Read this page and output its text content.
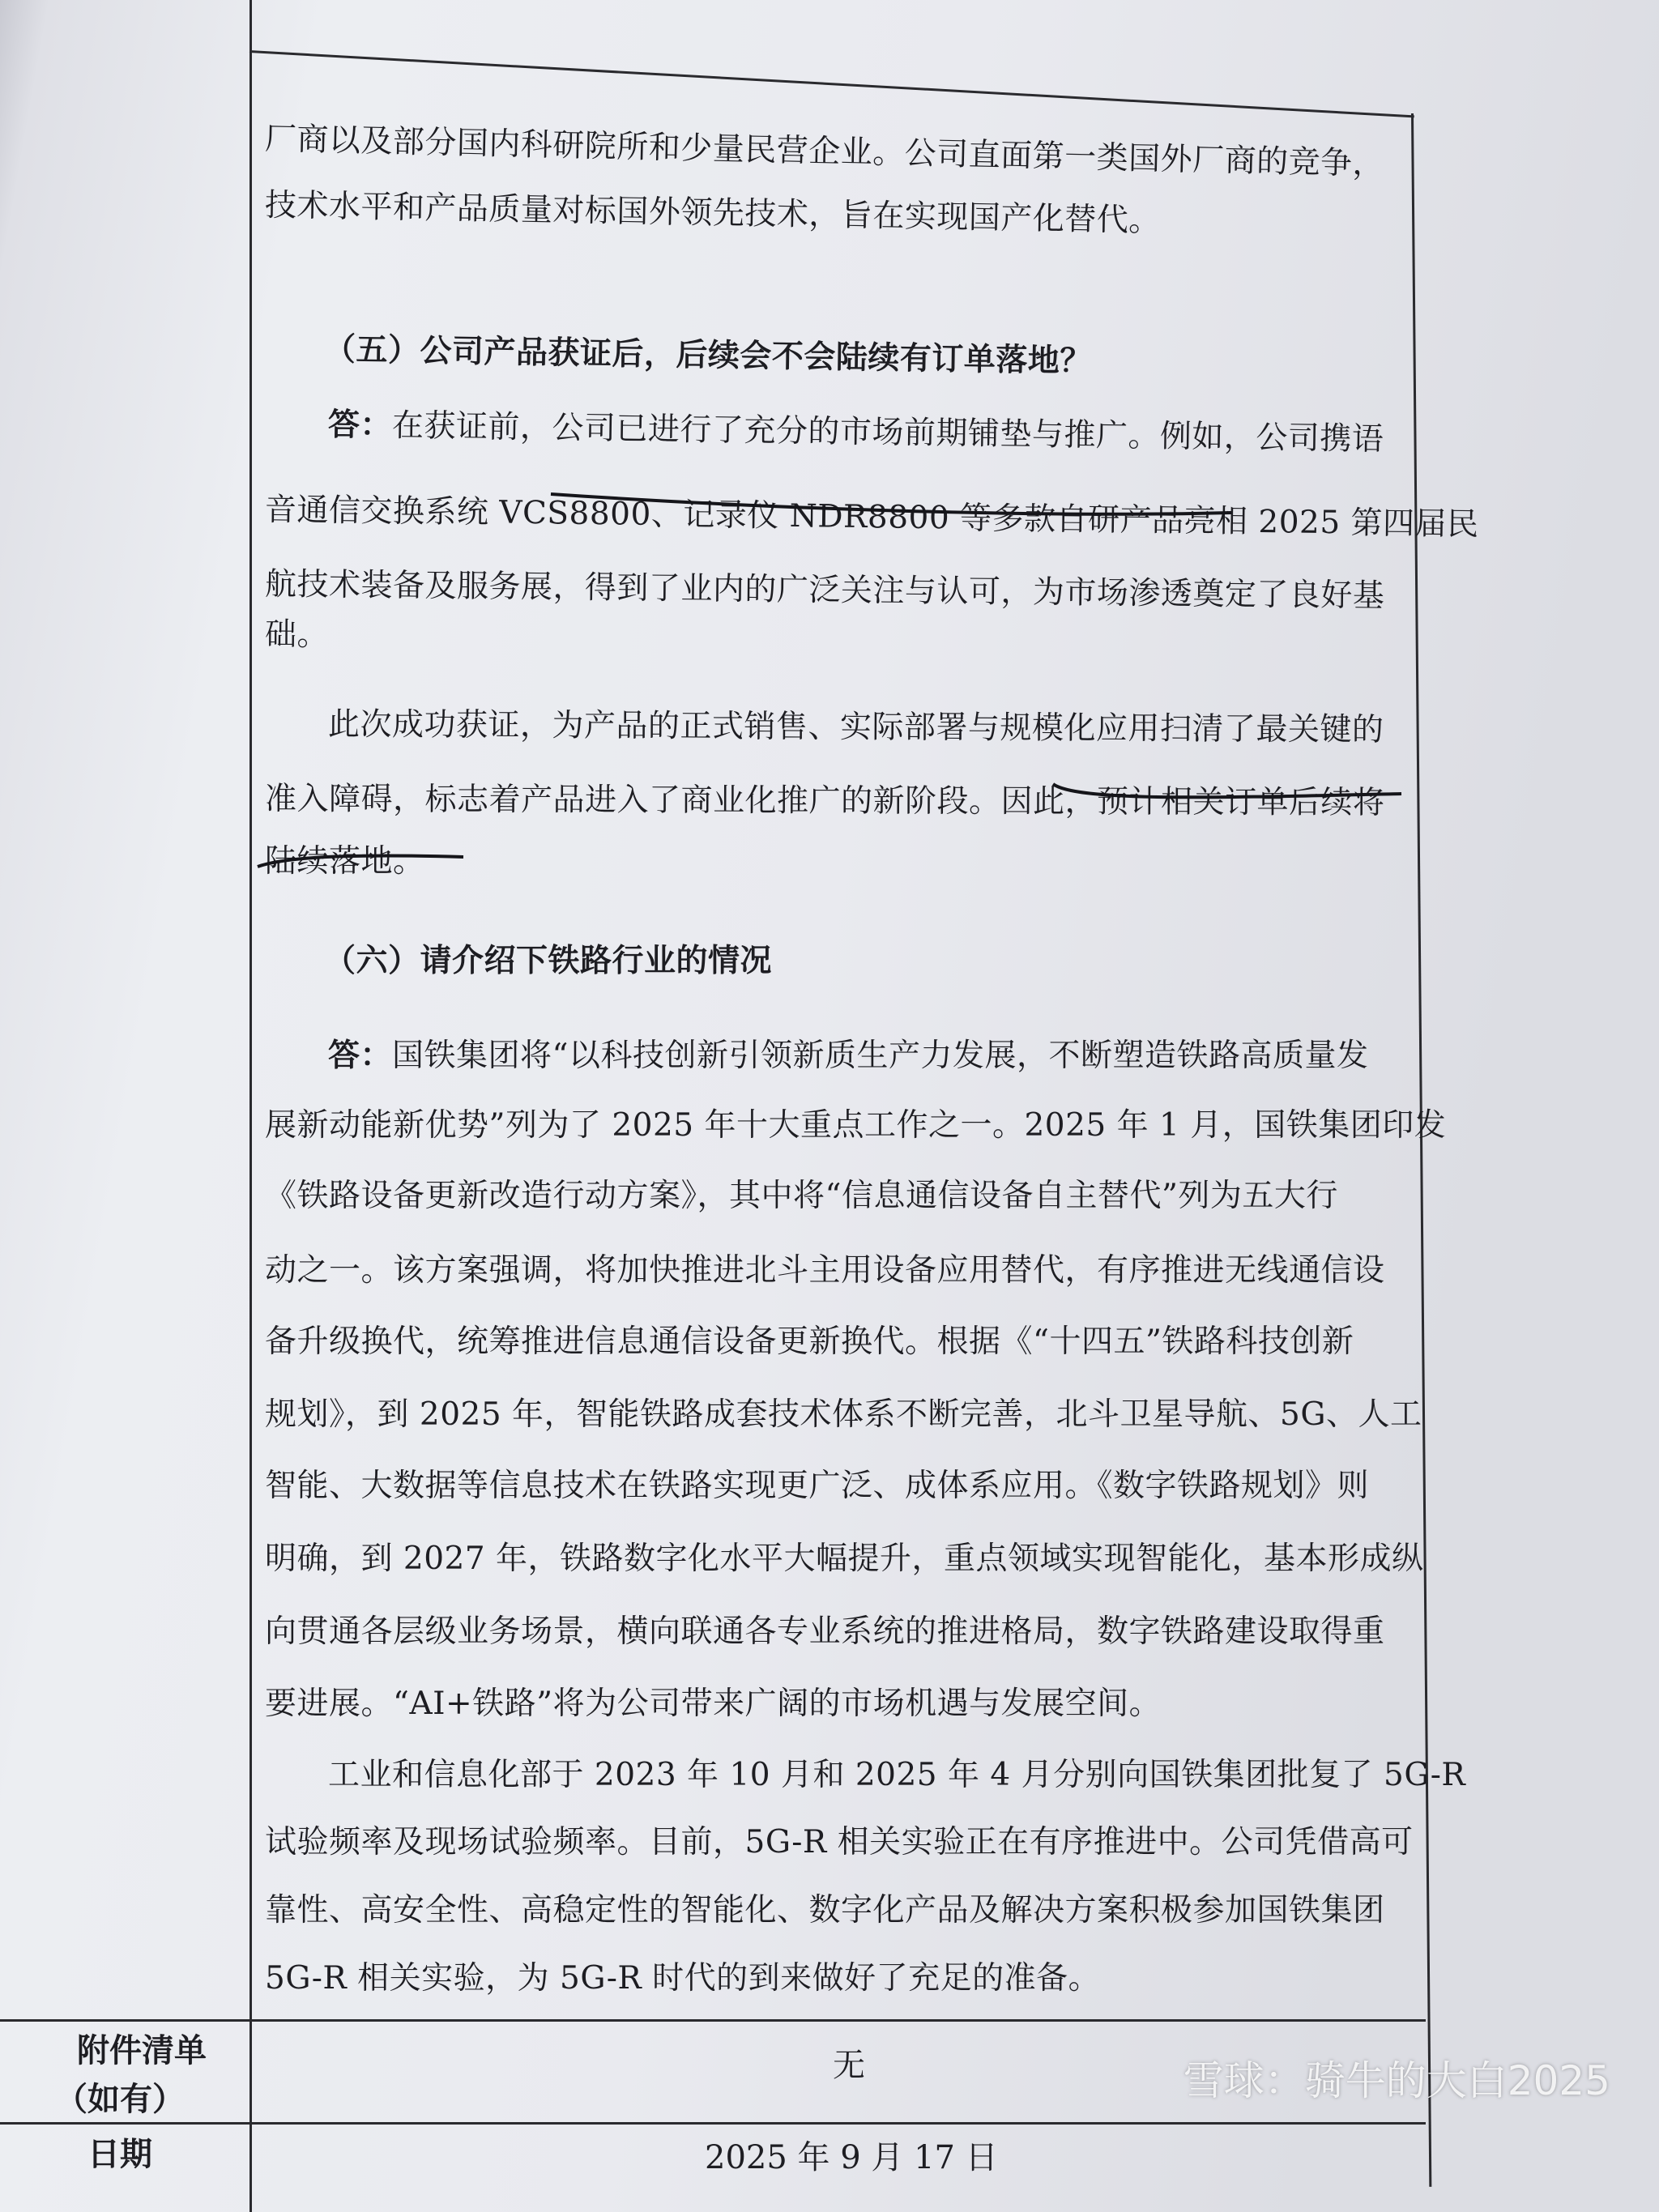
厂商以及部分国内科研院所和少量民营企业。公司直面第一类国外厂商的竞争，
技术水平和产品质量对标国外领先技术，旨在实现国产化替代。
（五）公司产品获证后，后续会不会陆续有订单落地？
答：在获证前，公司已进行了充分的市场前期铺垫与推广。例如，公司携语
音通信交换系统 VCS8800、记录仪 NDR8800 等多款自研产品亮相 2025 第四届民
航技术装备及服务展，得到了业内的广泛关注与认可，为市场渗透奠定了良好基
础。
此次成功获证，为产品的正式销售、实际部署与规模化应用扫清了最关键的
准入障碍，标志着产品进入了商业化推广的新阶段。因此，预计相关订单后续将
陆续落地。
（六）请介绍下铁路行业的情况
答：国铁集团将“以科技创新引领新质生产力发展，不断塑造铁路高质量发
展新动能新优势”列为了 2025 年十大重点工作之一。2025 年 1 月，国铁集团印发
《铁路设备更新改造行动方案》，其中将“信息通信设备自主替代”列为五大行
动之一。该方案强调，将加快推进北斗主用设备应用替代，有序推进无线通信设
备升级换代，统筹推进信息通信设备更新换代。根据《“十四五”铁路科技创新
规划》，到 2025 年，智能铁路成套技术体系不断完善，北斗卫星导航、5G、人工
智能、大数据等信息技术在铁路实现更广泛、成体系应用。《数字铁路规划》则
明确，到 2027 年，铁路数字化水平大幅提升，重点领域实现智能化，基本形成纵
向贯通各层级业务场景，横向联通各专业系统的推进格局，数字铁路建设取得重
要进展。“AI+铁路”将为公司带来广阔的市场机遇与发展空间。
工业和信息化部于 2023 年 10 月和 2025 年 4 月分别向国铁集团批复了 5G-R
试验频率及现场试验频率。目前，5G-R 相关实验正在有序推进中。公司凭借高可
靠性、高安全性、高稳定性的智能化、数字化产品及解决方案积极参加国铁集团
5G-R 相关实验，为 5G-R 时代的到来做好了充足的准备。
附件清单
（如有）
无
日期	2025 年 9 月 17 日
雪球：骑牛的大白2025
